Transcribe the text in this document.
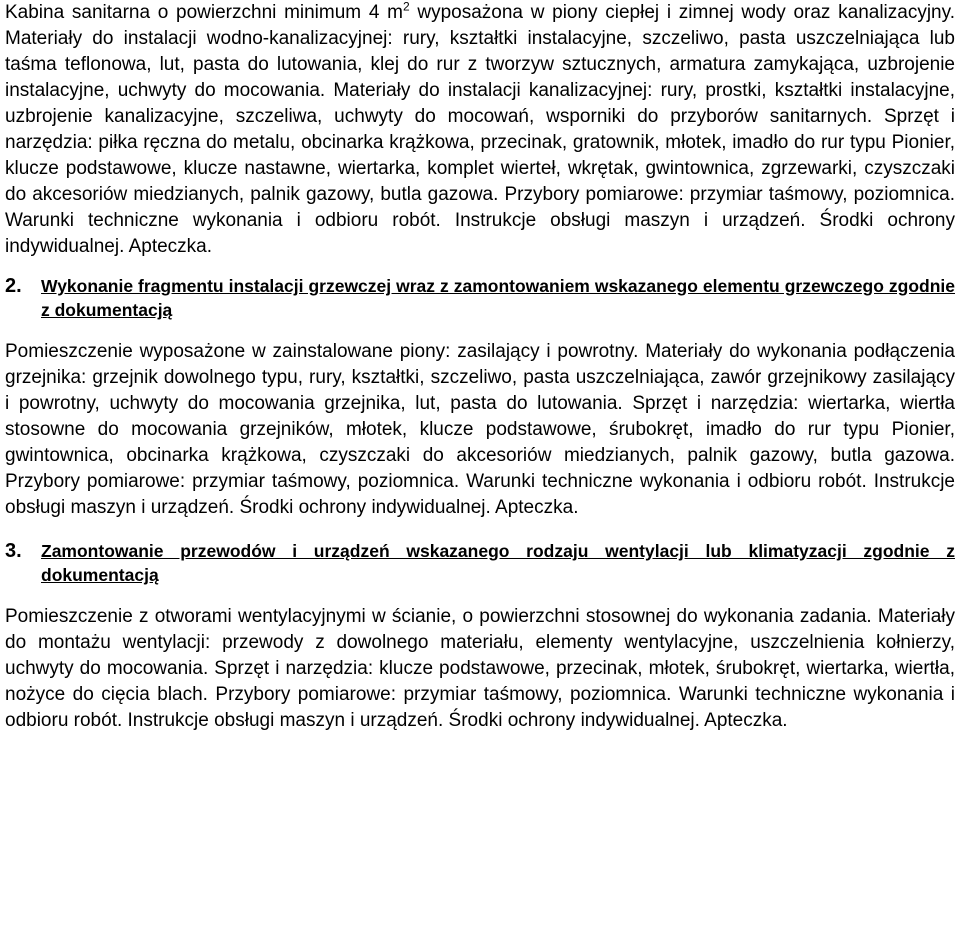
Kabina sanitarna o powierzchni minimum 4 $m^2$ wyposażona w piony ciepłej i zimnej wody oraz kanalizacyjny. Materiały do instalacji wodno-kanalizacyjnej: rury, kształtki instalacyjne, szczeliwo, pasta uszczelniająca lub taśma teflonowa, lut, pasta do lutowania, klej do rur z tworzyw sztucznych, armatura zamykająca, uzbrojenie instalacyjne, uchwyty do mocowania. Materiały do instalacji kanalizacyjnej: rury, prostki, kształtki instalacyjne, uzbrojenie kanalizacyjne, szczeliwa, uchwyty do mocowań, wsporniki do przyborów sanitarnych. Sprzęt i narzędzia: piłka ręczna do metalu, obcinarka krążkowa, przecinak, gratownik, młotek, imadło do rur typu Pionier, klucze podstawowe, klucze nastawne, wiertarka, komplet wierteł, wkrętak, gwintownica, zgrzewarki, czyszczaki do akcesoriów miedzianych, palnik gazowy, butla gazowa. Przybory pomiarowe: przymiar taśmowy, poziomnica. Warunki techniczne wykonania i odbioru robót. Instrukcje obsługi maszyn i urządzeń. Środki ochrony indywidualnej. Apteczka.

2.	Wykonanie fragmentu instalacji grzewczej wraz z zamontowaniem wskazanego elementu grzewczego zgodnie z dokumentacją

Pomieszczenie wyposażone w zainstalowane piony: zasilający i powrotny. Materiały do wykonania podłączenia grzejnika: grzejnik dowolnego typu, rury, kształtki, szczeliwo, pasta uszczelniająca, zawór grzejnikowy zasilający i powrotny, uchwyty do mocowania grzejnika, lut, pasta do lutowania. Sprzęt i narzędzia: wiertarka, wiertła stosowne do mocowania grzejników, młotek, klucze podstawowe, śrubokręt, imadło do rur typu Pionier, gwintownica, obcinarka krążkowa, czyszczaki do akcesoriów miedzianych, palnik gazowy, butla gazowa. Przybory pomiarowe: przymiar taśmowy, poziomnica. Warunki techniczne wykonania i odbioru robót. Instrukcje obsługi maszyn i urządzeń. Środki ochrony indywidualnej. Apteczka.

3.	Zamontowanie przewodów i urządzeń wskazanego rodzaju wentylacji lub klimatyzacji zgodnie z dokumentacją

Pomieszczenie z otworami wentylacyjnymi w ścianie, o powierzchni stosownej do wykonania zadania. Materiały do montażu wentylacji: przewody z dowolnego materiału, elementy wentylacyjne, uszczelnienia kołnierzy, uchwyty do mocowania. Sprzęt i narzędzia: klucze podstawowe, przecinak, młotek, śrubokręt, wiertarka, wiertła, nożyce do cięcia blach. Przybory pomiarowe: przymiar taśmowy, poziomnica. Warunki techniczne wykonania i odbioru robót. Instrukcje obsługi maszyn i urządzeń. Środki ochrony indywidualnej. Apteczka.
